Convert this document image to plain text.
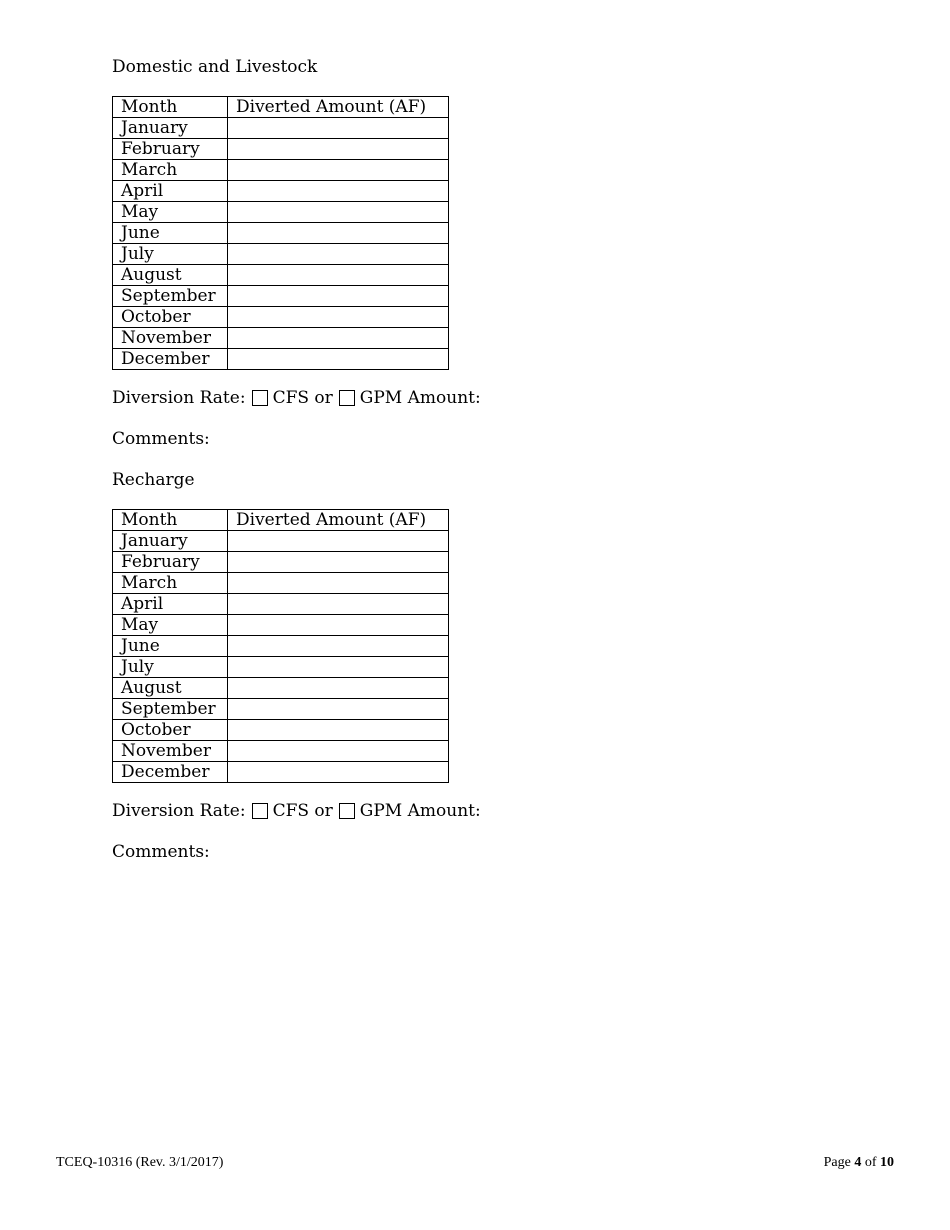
Domestic and Livestock
Month	Diverted Amount (AF)
January	
February	
March	
April	
May	
June	
July	
August	
September	
October	
November	
December	
Diversion Rate: CFS or GPM Amount:
Comments:
Recharge
Month	Diverted Amount (AF)
January	
February	
March	
April	
May	
June	
July	
August	
September	
October	
November	
December	
Diversion Rate: CFS or GPM Amount:
Comments:
TCEQ-10316 (Rev. 3/1/2017)	Page 4 of 10
